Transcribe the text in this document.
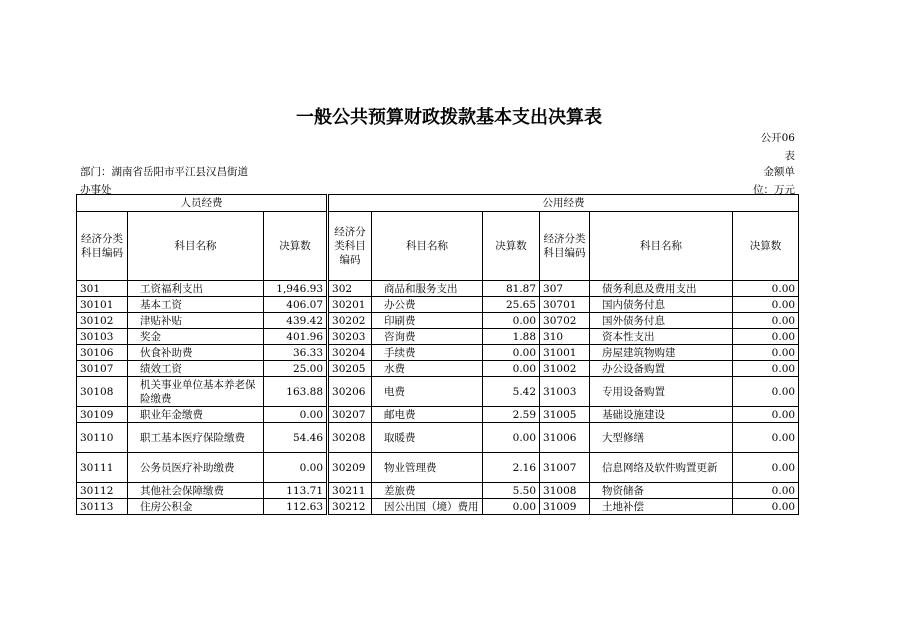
一般公共预算财政拨款基本支出决算表
公开06
表
部门：湖南省岳阳市平江县汉昌街道
办事处
金额单
位：万元
人员经费			公用经费					
经济分类科目编码	科目名称	决算数	经济分类科目编码	科目名称	决算数	经济分类科目编码	科目名称	决算数
301	工资福利支出	1,946.93	302	商品和服务支出	81.87	307	债务利息及费用支出	0.00
30101	基本工资	406.07	30201	办公费	25.65	30701	国内债务付息	0.00
30102	津贴补贴	439.42	30202	印刷费	0.00	30702	国外债务付息	0.00
30103	奖金	401.96	30203	咨询费	1.88	310	资本性支出	0.00
30106	伙食补助费	36.33	30204	手续费	0.00	31001	房屋建筑物购建	0.00
30107	绩效工资	25.00	30205	水费	0.00	31002	办公设备购置	0.00
30108	机关事业单位基本养老保险缴费	163.88	30206	电费	5.42	31003	专用设备购置	0.00
30109	职业年金缴费	0.00	30207	邮电费	2.59	31005	基础设施建设	0.00
30110	职工基本医疗保险缴费	54.46	30208	取暖费	0.00	31006	大型修缮	0.00
30111	公务员医疗补助缴费	0.00	30209	物业管理费	2.16	31007	信息网络及软件购置更新	0.00
30112	其他社会保障缴费	113.71	30211	差旅费	5.50	31008	物资储备	0.00
30113	住房公积金	112.63	30212	因公出国（境）费用	0.00	31009	土地补偿	0.00
